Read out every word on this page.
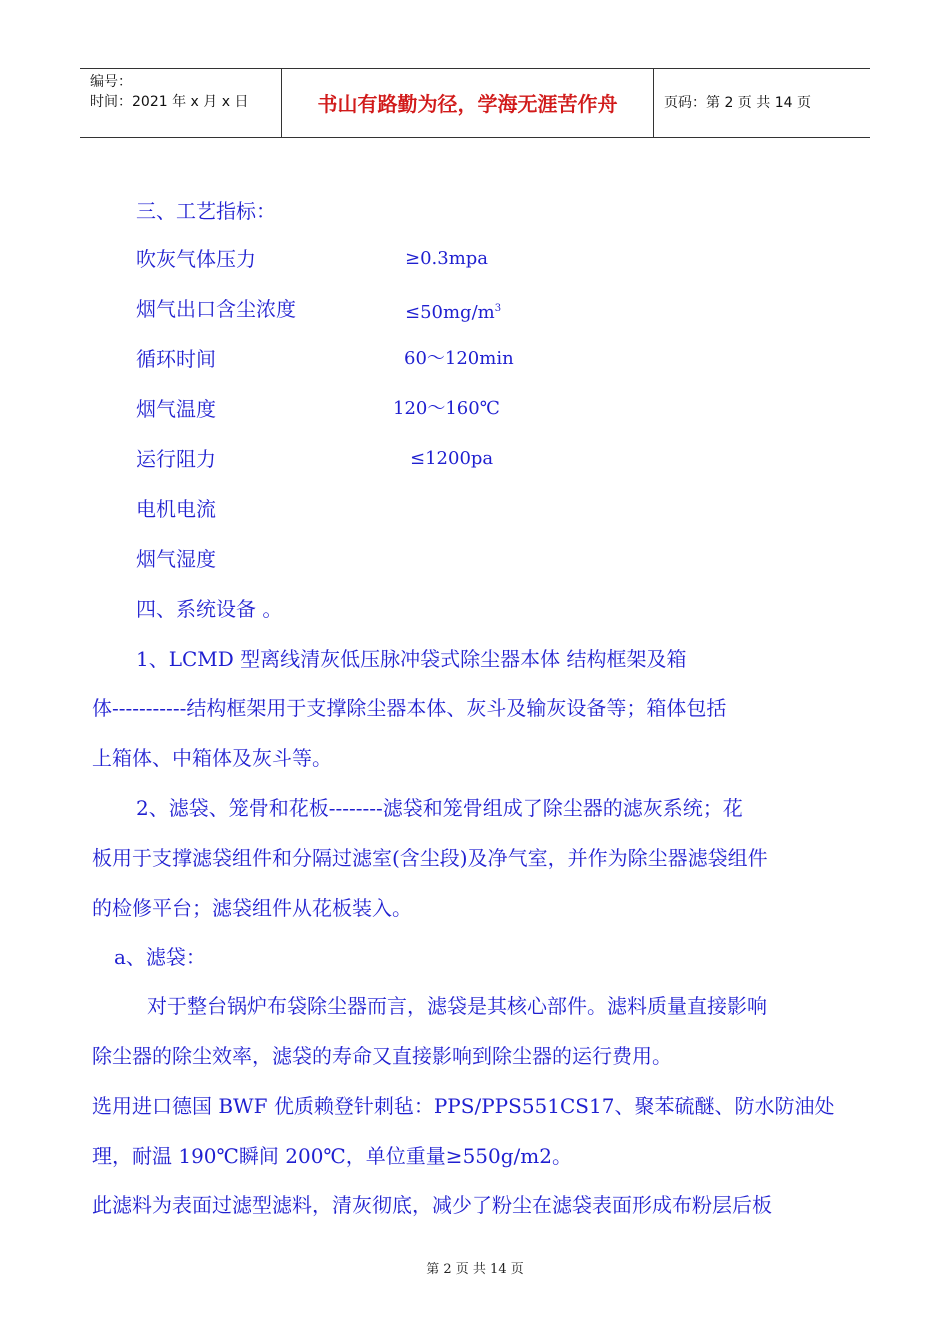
编号：
时间：2021 年 x 月 x 日	书山有路勤为径，学海无涯苦作舟	页码：第 2 页 共 14 页
三、工艺指标：
吹灰气体压力	≥0.3mpa
烟气出口含尘浓度	$\le 50mg/m^3$
循环时间	60～120min
烟气温度	120～160℃
运行阻力	≤1200pa
电机电流
烟气湿度
四、系统设备 。
1、LCMD 型离线清灰低压脉冲袋式除尘器本体 结构框架及箱
体-----------结构框架用于支撑除尘器本体、灰斗及输灰设备等；箱体包括
上箱体、中箱体及灰斗等。
2、滤袋、笼骨和花板--------滤袋和笼骨组成了除尘器的滤灰系统；花
板用于支撑滤袋组件和分隔过滤室(含尘段)及净气室，并作为除尘器滤袋组件
的检修平台；滤袋组件从花板装入。
a、滤袋：
对于整台锅炉布袋除尘器而言，滤袋是其核心部件。滤料质量直接影响
除尘器的除尘效率，滤袋的寿命又直接影响到除尘器的运行费用。
选用进口德国 BWF 优质赖登针刺毡：PPS/PPS551CS17、聚苯硫醚、防水防油处
理，耐温 190℃瞬间 200℃，单位重量≥550g/m2。
此滤料为表面过滤型滤料，清灰彻底，减少了粉尘在滤袋表面形成布粉层后板
第 2 页 共 14 页
